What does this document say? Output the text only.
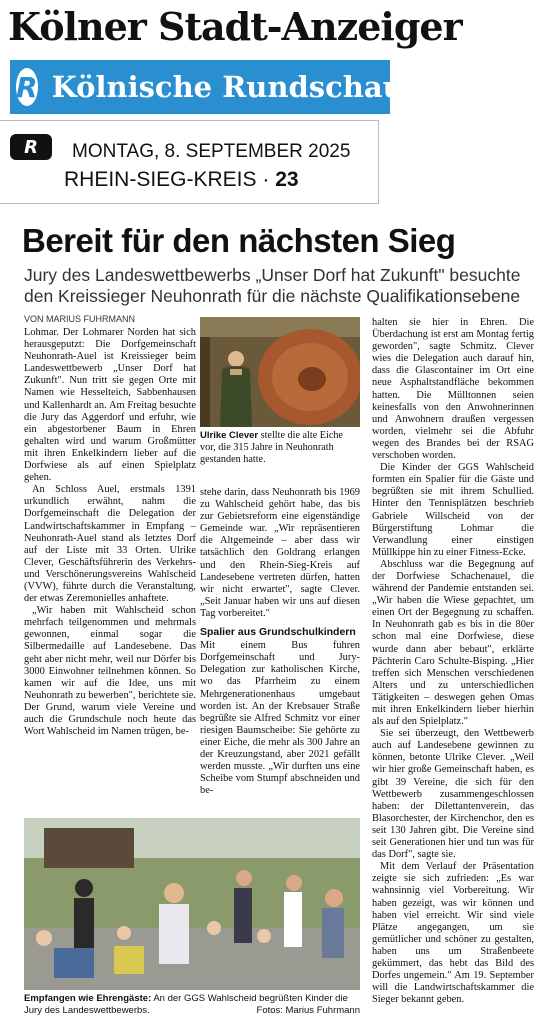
Kölner Stadt-Anzeiger
R Kölnische Rundschau
R	MONTAG, 8. SEPTEMBER 2025
RHEIN-SIEG-KREIS · 23
Bereit für den nächsten Sieg
Jury des Landeswettbewerbs „Unser Dorf hat Zukunft" besuchte den Kreissieger Neuhonrath für die nächste Qualifikationsebene
VON MARIUS FUHRMANN

Lohmar. Der Lohmarer Norden hat sich herausgeputzt: Die Dorfgemeinschaft Neuhonrath-Auel ist Kreissieger beim Landeswettbewerb „Unser Dorf hat Zukunft". Nun tritt sie gegen Orte mit Namen wie Hesselteich, Sabbenhausen und Kallenhardt an. Am Freitag besuchte die Jury das Aggerdorf und erfuhr, wie ein abgestorbener Baum in Ehren gehalten wird und warum Großmütter mit ihren Enkelkindern lieber auf die Dorfwiese als auf einen Spielplatz gehen.

An Schloss Auel, erstmals 1391 urkundlich erwähnt, nahm die Dorfgemeinschaft die Delegation der Landwirtschaftskammer in Empfang – Neuhonrath-Auel stand als letztes Dorf auf der Liste mit 33 Orten. Ulrike Clever, Geschäftsführerin des Verkehrs- und Verschönerungsvereins Wahlscheid (VVW), führte durch die Veranstaltung, der etwas Zeremonielles anhaftete.

„Wir haben mit Wahlscheid schon mehrfach teilgenommen und mehrmals gewonnen, einmal sogar die Silbermedaille auf Landesebene. Das geht aber nicht mehr, weil nur Dörfer bis 3000 Einwohner teilnehmen können. So kamen wir auf die Idee, uns mit Neuhonrath zu bewerben", berichtete sie. Der Grund, warum viele Vereine und auch die Grundschule noch heute das Wort Wahlscheid im Namen trügen, be-

Ulrike Clever stellte die alte Eiche vor, die 315 Jahre in Neuhonrath gestanden hatte.

stehe darin, dass Neuhonrath bis 1969 zu Wahlscheid gehört habe, das bis zur Gebietsreform eine eigenständige Gemeinde war. „Wir repräsentieren die Altgemeinde – aber dass wir tatsächlich den Goldrang erlangen und den Rhein-Sieg-Kreis auf Landesebene vertreten dürfen, hatten wir nicht erwartet", sagte Clever. „Seit Januar haben wir uns auf diesen Tag vorbereitet."

Spalier aus Grundschulkindern

Mit einem Bus fuhren Dorfgemeinschaft und Jury-Delegation zur katholischen Kirche, wo das Pfarrheim zu einem Mehrgenerationenhaus umgebaut worden ist. An der Krebsauer Straße begrüßte sie Alfred Schmitz vor einer riesigen Baumscheibe: Sie gehörte zu einer Eiche, die mehr als 300 Jahre an der Kreuzungstand, aber 2021 gefällt werden musste. „Wir durften uns eine Scheibe vom Stumpf abschneiden und be-

halten sie hier in Ehren. Die Überdachung ist erst am Montag fertig geworden", sagte Schmitz. Clever wies die Delegation auch darauf hin, dass die Glascontainer im Ort eine neue Asphaltstandfläche bekommen hatten. Die Mülltonnen seien keinesfalls von den Anwohnerinnen und Anwohnern draußen vergessen worden, vielmehr sei die Abfuhr wegen des Brandes bei der RSAG verschoben worden.

Die Kinder der GGS Wahlscheid formten ein Spalier für die Gäste und begrüßten sie mit ihrem Schullied. Hinter den Tennisplätzen beschrieb Gabriele Willscheid von der Bürgerstiftung Lohmar die Verwandlung einer einstigen Müllkippe hin zu einer Fitness-Ecke.

Abschluss war die Begegnung auf der Dorfwiese Schachenauel, die während der Pandemie entstanden sei. „Wir haben die Wiese gepachtet, um einen Ort der Begegnung zu schaffen. In Neuhonrath gab es bis in die 80er schon mal eine Dorfwiese, diese wurde dann aber bebaut", erklärte Pächterin Caro Schulte-Bisping. „Hier treffen sich Menschen verschiedenen Alters und zu unterschiedlichen Tätigkeiten – deswegen gehen Omas mit ihren Enkelkindern lieber hierhin als auf den Spielplatz."

Sie sei überzeugt, den Wettbewerb auch auf Landesebene gewinnen zu können, betonte Ulrike Clever. „Weil wir hier große Gemeinschaft haben, es gibt 39 Vereine, die sich für den Wettbewerb zusammengeschlossen haben: der Dilettantenverein, das Blasorchester, der Kirchenchor, den es seit 130 Jahren gibt. Die Vereine sind seit Generationen hier und tun was für das Dorf", sagte sie.

Mit dem Verlauf der Präsentation zeigte sie sich zufrieden: „Es war wahnsinnig viel Vorbereitung. Wir haben gezeigt, was wir können und haben viel erreicht. Wir sind viele Plätze angegangen, um sie gemütlicher und schöner zu gestalten, haben uns um Straßenbeete gekümmert, das hebt das Bild des Dorfes ungemein." Am 19. September will die Landwirtschaftskammer die Sieger bekannt geben.

Empfangen wie Ehrengäste: An der GGS Wahlscheid begrüßten Kinder die Jury des Landeswettbewerbs.	Fotos: Marius Fuhrmann
